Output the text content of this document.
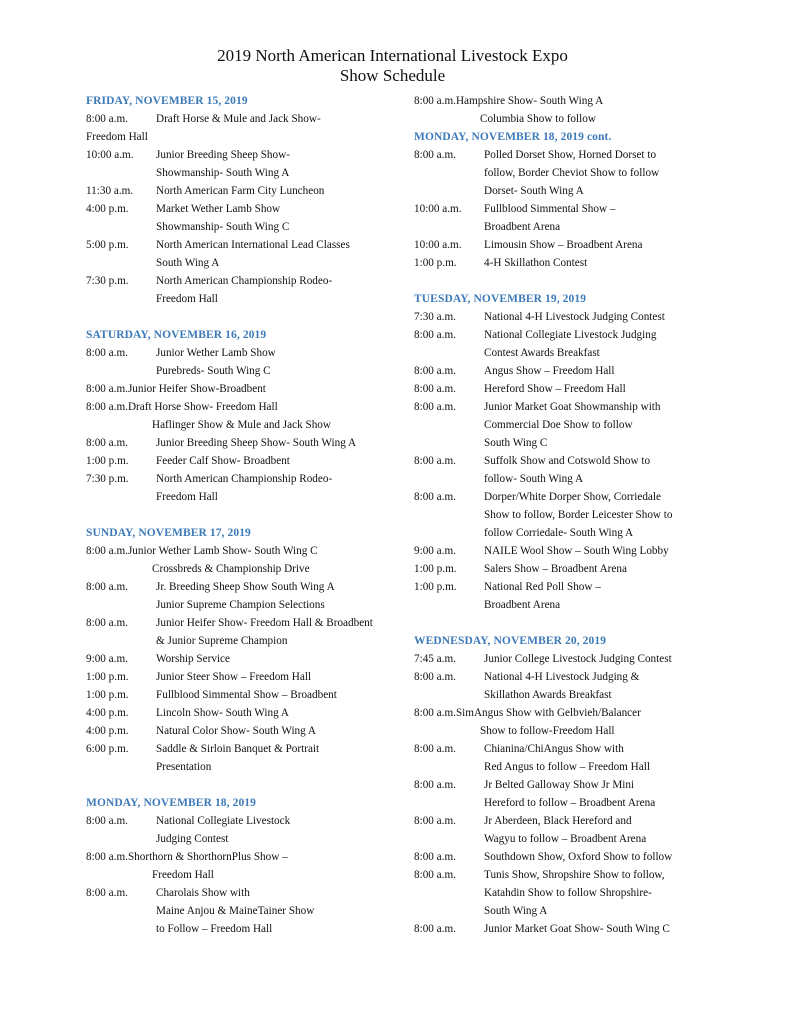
2019 North American International Livestock Expo
Show Schedule
FRIDAY, NOVEMBER 15, 2019
8:00 a.m.	Draft Horse & Mule and Jack Show-
Freedom Hall
10:00 a.m. Junior Breeding Sheep Show-
Showmanship- South Wing A
11:30 a.m. North American Farm City Luncheon
4:00 p.m. Market Wether Lamb Show
Showmanship- South Wing C
5:00 p.m. North American International Lead Classes
South Wing A
7:30 p.m. North American Championship Rodeo-
Freedom Hall
SATURDAY, NOVEMBER 16, 2019
8:00 a.m.	Junior Wether Lamb Show
Purebreds- South Wing C
8:00 a.m.Junior Heifer Show-Broadbent
8:00 a.m.Draft Horse Show- Freedom Hall
Haflinger Show & Mule and Jack Show
8:00 a.m.	Junior Breeding Sheep Show- South Wing A
1:00 p.m. Feeder Calf Show- Broadbent
7:30 p.m. North American Championship Rodeo-
Freedom Hall
SUNDAY, NOVEMBER 17, 2019
8:00 a.m.Junior Wether Lamb Show- South Wing C
Crossbreds & Championship Drive
8:00 a.m.	Jr. Breeding Sheep Show South Wing A
Junior Supreme Champion Selections
8:00 a.m.	Junior Heifer Show- Freedom Hall & Broadbent
& Junior Supreme Champion
9:00 a.m.	Worship Service
1:00 p.m. Junior Steer Show – Freedom Hall
1:00 p.m. Fullblood Simmental Show – Broadbent
4:00 p.m. Lincoln Show- South Wing A
4:00 p.m. Natural Color Show- South Wing A
6:00 p.m. Saddle & Sirloin Banquet & Portrait
Presentation
MONDAY, NOVEMBER 18, 2019
8:00 a.m.	National Collegiate Livestock
Judging Contest
8:00 a.m.Shorthorn & ShorthornPlus Show –
Freedom Hall
8:00 a.m.	Charolais Show with
Maine Anjou & MaineTainer Show
to Follow – Freedom Hall
8:00 a.m.Hampshire Show- South Wing A
Columbia Show to follow
MONDAY, NOVEMBER 18, 2019 cont.
8:00 a.m.	Polled Dorset Show, Horned Dorset to
follow, Border Cheviot Show to follow
Dorset- South Wing A
10:00 a.m. Fullblood Simmental Show –
Broadbent Arena
10:00 a.m. Limousin Show – Broadbent Arena
1:00 p.m. 4-H Skillathon Contest
TUESDAY, NOVEMBER 19, 2019
7:30 a.m.	National 4-H Livestock Judging Contest
8:00 a.m.	National Collegiate Livestock Judging
Contest Awards Breakfast
8:00 a.m.	Angus Show – Freedom Hall
8:00 a.m.	Hereford Show – Freedom Hall
8:00 a.m.	Junior Market Goat Showmanship with
Commercial Doe Show to follow
South Wing C
8:00 a.m.	Suffolk Show and Cotswold Show to
follow- South Wing A
8:00 a.m.	Dorper/White Dorper Show, Corriedale
Show to follow, Border Leicester Show to
follow Corriedale- South Wing A
9:00 a.m.	NAILE Wool Show – South Wing Lobby
1:00 p.m. Salers Show – Broadbent Arena
1:00 p.m. National Red Poll Show –
Broadbent Arena
WEDNESDAY, NOVEMBER 20, 2019
7:45 a.m.	Junior College Livestock Judging Contest
8:00 a.m.	National 4-H Livestock Judging &
Skillathon Awards Breakfast
8:00 a.m.SimAngus Show with Gelbvieh/Balancer
Show to follow-Freedom Hall
8:00 a.m.	Chianina/ChiAngus Show with
Red Angus to follow – Freedom Hall
8:00 a.m.	Jr Belted Galloway Show Jr Mini
Hereford to follow – Broadbent Arena
8:00 a.m.	Jr Aberdeen, Black Hereford and
Wagyu to follow – Broadbent Arena
8:00 a.m.	Southdown Show, Oxford Show to follow
8:00 a.m.	Tunis Show, Shropshire Show to follow,
Katahdin Show to follow Shropshire-
South Wing A
8:00 a.m.	Junior Market Goat Show- South Wing C
